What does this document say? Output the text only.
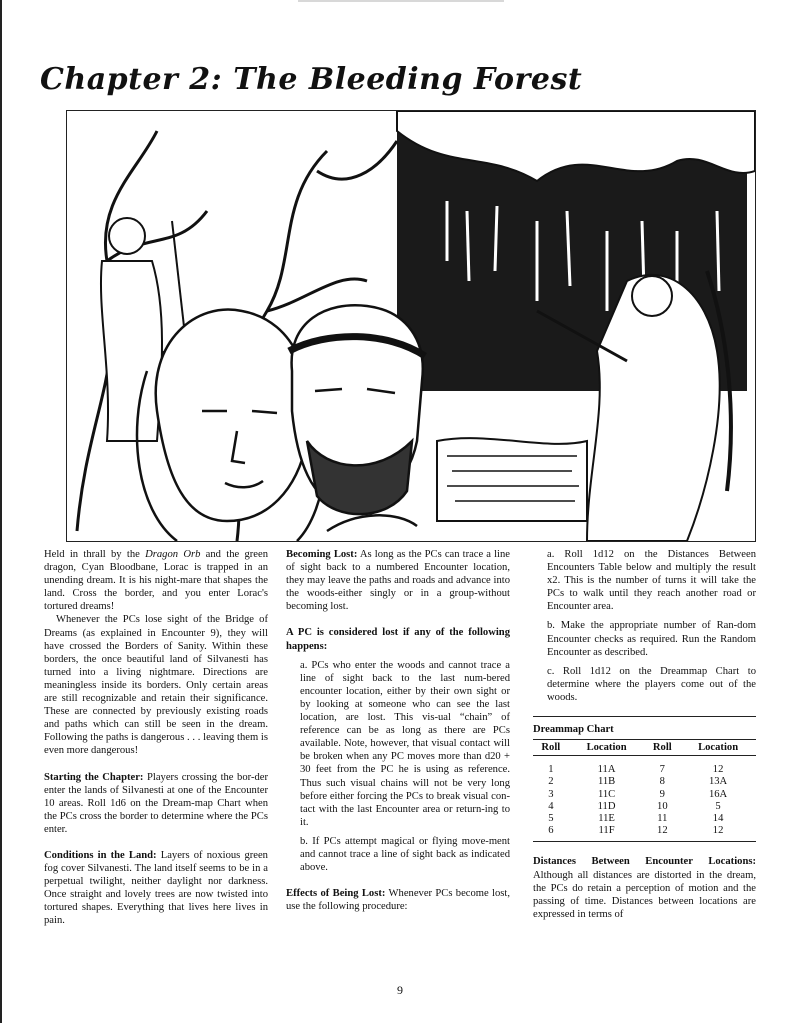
Chapter 2: The Bleeding Forest

Held in thrall by the Dragon Orb and the green dragon, Cyan Bloodbane, Lorac is trapped in an unending dream. It is his night-mare that shapes the land. Cross the border, and you enter Lorac's tortured dreams!

Whenever the PCs lose sight of the Bridge of Dreams (as explained in Encounter 9), they will have crossed the Borders of Sanity. Within these borders, the once beautiful land of Silvanesti has turned into a living nightmare. Directions are meaningless inside its borders. Only certain areas are still recognizable and retain their significance. These are connected by previously existing roads and paths which can still be seen in the dream. Following the paths is dangerous . . . leaving them is even more dangerous!

Starting the Chapter: Players crossing the bor-der enter the lands of Silvanesti at one of the Encounter 10 areas. Roll 1d6 on the Dream-map Chart when the PCs cross the border to determine where the PCs enter.

Conditions in the Land: Layers of noxious green fog cover Silvanesti. The land itself seems to be in a perpetual twilight, neither daylight nor darkness. Once straight and lovely trees are now twisted into tortured shapes. Everything that lives here lives in pain.

Becoming Lost: As long as the PCs can trace a line of sight back to a numbered Encounter location, they may leave the paths and roads and advance into the woods-either singly or in a group-without becoming lost.

A PC is considered lost if any of the following happens:

a. PCs who enter the woods and cannot trace a line of sight back to the last num-bered encounter location, either by their own sight or by looking at someone who can see the last location, are lost. This vis-ual “chain” of reference can be as long as there are PCs available. Note, however, that visual contact will be broken when any PC moves more than d20 + 30 feet from the PC he is using as reference. Thus such visual chains will not be very long before either forcing the PCs to break visual con-tact with the last Encounter area or return-ing to it.

b. If PCs attempt magical or flying move-ment and cannot trace a line of sight back as indicated above.

Effects of Being Lost: Whenever PCs become lost, use the following procedure:

a. Roll 1d12 on the Distances Between Encounters Table below and multiply the result x2. This is the number of turns it will take the PCs to walk until they reach another road or Encounter area.

b. Make the appropriate number of Ran-dom Encounter checks as required. Run the Random Encounter as described.

c. Roll 1d12 on the Dreammap Chart to determine where the players come out of the woods.

Dreammap Chart
Roll	Location	Roll	Location
1	11A	7	12
2	11B	8	13A
3	11C	9	16A
4	11D	10	5
5	11E	11	14
6	11F	12	12

Distances Between Encounter Locations: Although all distances are distorted in the dream, the PCs do retain a perception of motion and the passing of time. Distances between locations are expressed in terms of

9
